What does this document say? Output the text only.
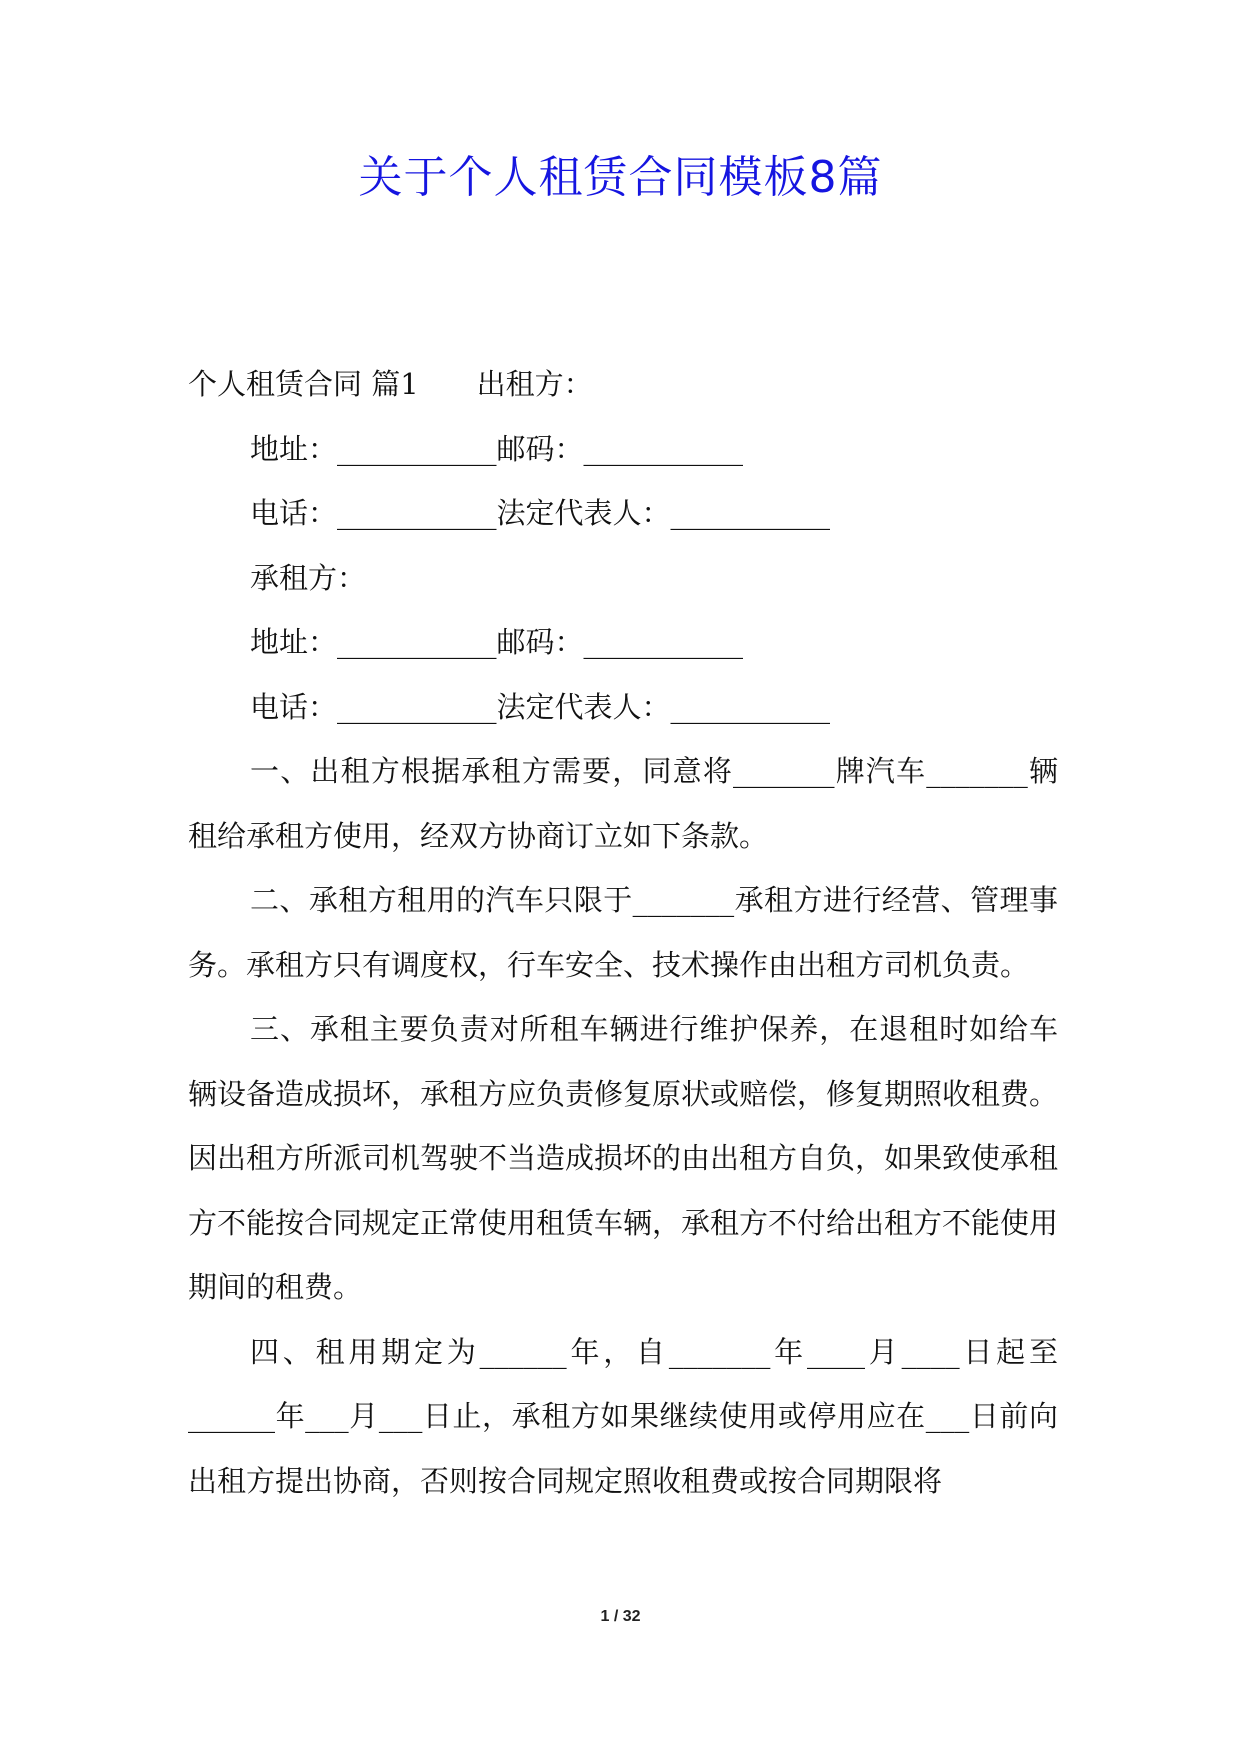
关于个人租赁合同模板8篇

个人租赁合同 篇1　　出租方：

地址：___________邮码：___________

电话：___________法定代表人：___________

承租方：

地址：___________邮码：___________

电话：___________法定代表人：___________

一、出租方根据承租方需要，同意将_______牌汽车_______辆租给承租方使用，经双方协商订立如下条款。

二、承租方租用的汽车只限于_______承租方进行经营、管理事务。承租方只有调度权，行车安全、技术操作由出租方司机负责。

三、承租主要负责对所租车辆进行维护保养，在退租时如给车辆设备造成损坏，承租方应负责修复原状或赔偿，修复期照收租费。因出租方所派司机驾驶不当造成损坏的由出租方自负，如果致使承租方不能按合同规定正常使用租赁车辆，承租方不付给出租方不能使用期间的租费。

四、租用期定为______年，自_______年____月____日起至______年___月___日止，承租方如果继续使用或停用应在___日前向出租方提出协商，否则按合同规定照收租费或按合同期限将

1 / 32
